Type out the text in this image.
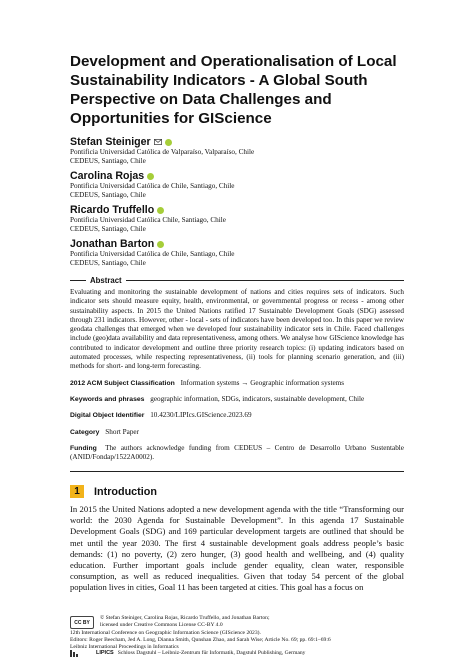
Development and Operationalisation of Local Sustainability Indicators - A Global South Perspective on Data Challenges and Opportunities for GIScience
Stefan Steiniger
Pontificia Universidad Católica de Valparaíso, Valparaíso, Chile
CEDEUS, Santiago, Chile
Carolina Rojas
Pontificia Universidad Católica de Chile, Santiago, Chile
CEDEUS, Santiago, Chile
Ricardo Truffello
Pontificia Universidad Católica Chile, Santiago, Chile
CEDEUS, Santiago, Chile
Jonathan Barton
Pontificia Universidad Católica de Chile, Santiago, Chile
CEDEUS, Santiago, Chile
Abstract
Evaluating and monitoring the sustainable development of nations and cities requires sets of indicators. Such indicator sets should measure equity, health, environmental, or governmental progress or recess - among other sustainability aspects. In 2015 the United Nations ratified 17 Sustainable Development Goals (SDG) assessed through 231 indicators. However, other - local - sets of indicators have been developed too. In this paper we review geodata challenges that emerged when we developed four sustainability indicator sets in Chile. Faced challenges include (geo)data availability and data representativeness, among others. We analyse how GIScience knowledge has contributed to indicator development and outline three priority research topics: (i) updating indicators based on automated processes, while respecting representativeness, (ii) tools for planning scenario generation, and (iii) methods for short- and long-term forecasting.
2012 ACM Subject Classification Information systems → Geographic information systems
Keywords and phrases geographic information, SDGs, indicators, sustainable development, Chile
Digital Object Identifier 10.4230/LIPIcs.GIScience.2023.69
Category Short Paper
Funding The authors acknowledge funding from CEDEUS – Centro de Desarrollo Urbano Sustentable (ANID/Fondap/1522A0002).
1	Introduction
In 2015 the United Nations adopted a new development agenda with the title “Transforming our world: the 2030 Agenda for Sustainable Development”. In this agenda 17 Sustainable Development Goals (SDG) and 169 particular development targets are outlined that should be met until the year 2030. The first 4 sustainable development goals address people’s basic demands: (1) no poverty, (2) zero hunger, (3) good health and wellbeing, and (4) quality education. Further important goals include gender equality, clean water, responsible consumption, as well as reduced inequalities. Given that today 54 percent of the global population lives in cities, Goal 11 has been targeted at cities. This goal has a focus on
CC BY
© Stefan Steiniger, Carolina Rojas, Ricardo Truffello, and Jonathan Barton;
licensed under Creative Commons License CC-BY 4.0
12th International Conference on Geographic Information Science (GIScience 2023).
Editors: Roger Beecham, Jed A. Long, Dianna Smith, Qunshan Zhao, and Sarah Wise; Article No. 69; pp. 69:1–69:6
Leibniz International Proceedings in Informatics
LIPICS Schloss Dagstuhl – Leibniz-Zentrum für Informatik, Dagstuhl Publishing, Germany
